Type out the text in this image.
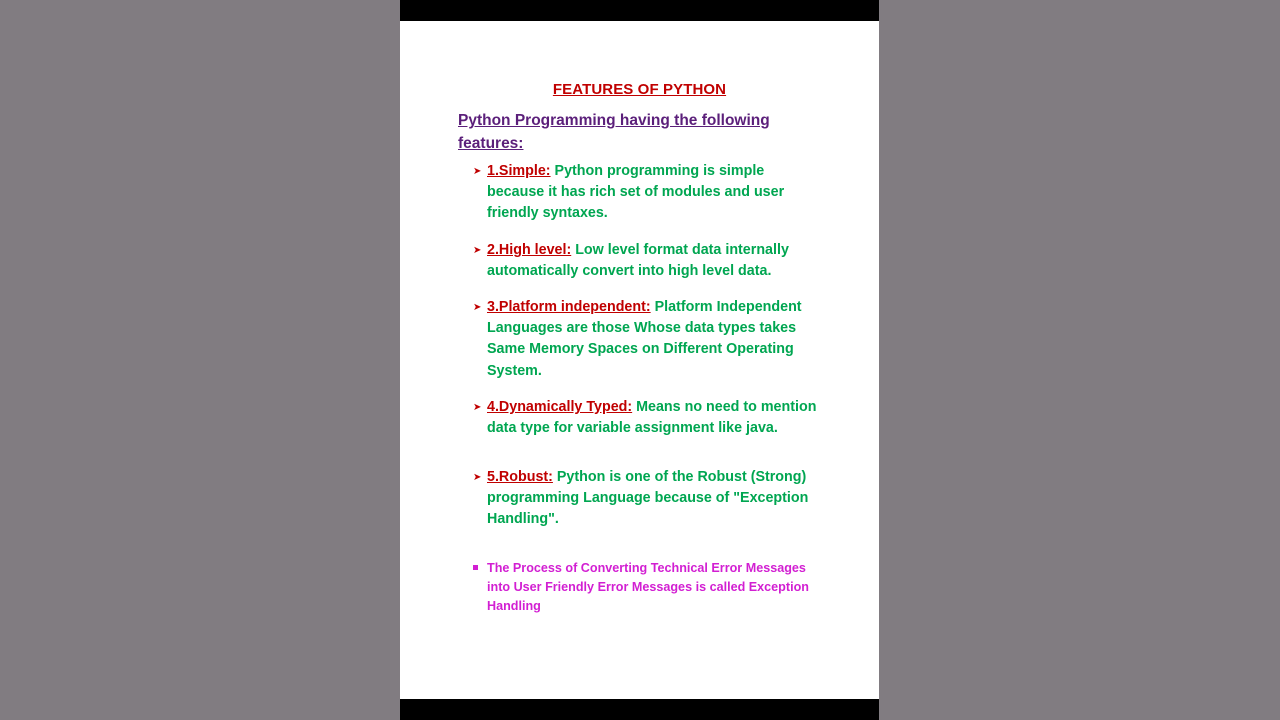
FEATURES OF PYTHON
Python Programming having the following features:
➤ 1.Simple: Python programming is simple because it has rich set of modules and user friendly syntaxes.
➤ 2.High level: Low level format data internally automatically convert into high level data.
➤ 3.Platform independent: Platform Independent Languages are those Whose data types takes Same Memory Spaces on Different Operating System.
➤ 4.Dynamically Typed: Means no need to mention data type for variable assignment like java.
➤ 5.Robust: Python is one of the Robust (Strong) programming Language because of "Exception Handling".
The Process of Converting Technical Error Messages into User Friendly Error Messages is called Exception Handling
